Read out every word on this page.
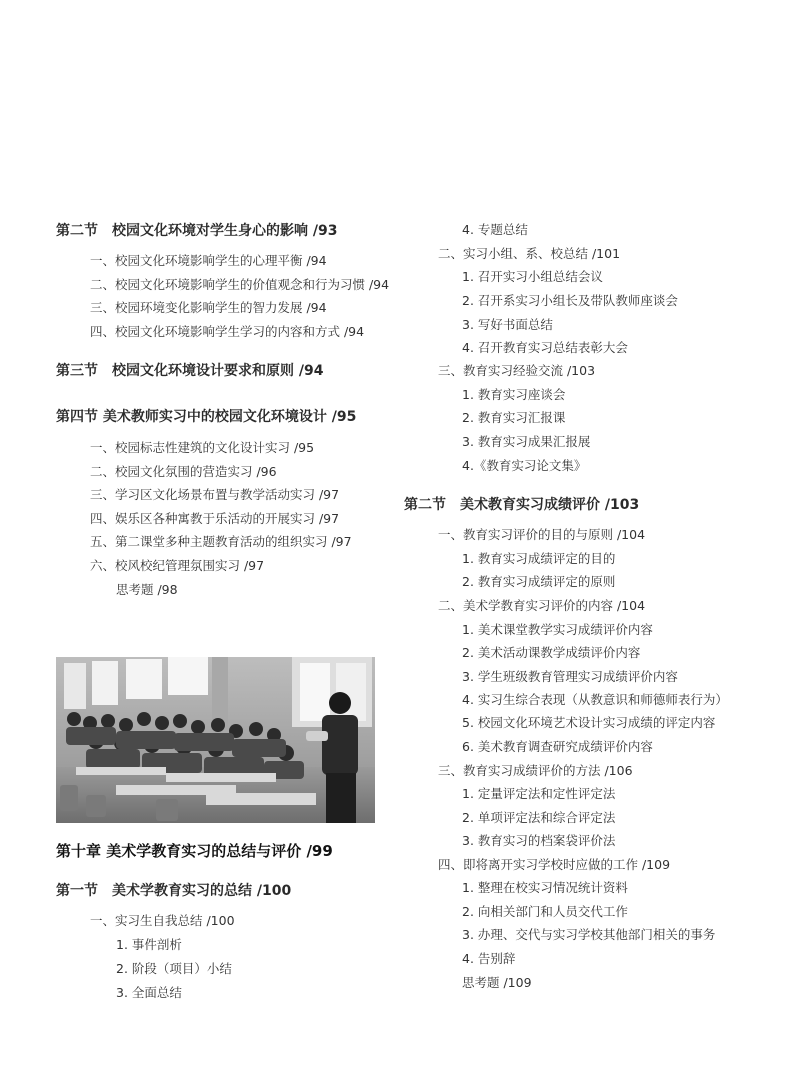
第二节　校园文化环境对学生身心的影响 /93
一、校园文化环境影响学生的心理平衡 /94
二、校园文化环境影响学生的价值观念和行为习惯 /94
三、校园环境变化影响学生的智力发展 /94
四、校园文化环境影响学生学习的内容和方式 /94
第三节　校园文化环境设计要求和原则 /94
第四节 美术教师实习中的校园文化环境设计 /95
一、校园标志性建筑的文化设计实习 /95
二、校园文化氛围的营造实习 /96
三、学习区文化场景布置与教学活动实习 /97
四、娱乐区各种寓教于乐活动的开展实习 /97
五、第二课堂多种主题教育活动的组织实习 /97
六、校风校纪管理氛围实习 /97
思考题 /98
第十章 美术学教育实习的总结与评价 /99
第一节　美术学教育实习的总结 /100
一、实习生自我总结 /100
1. 事件剖析
2. 阶段（项目）小结
3. 全面总结
4. 专题总结
二、实习小组、系、校总结 /101
1. 召开实习小组总结会议
2. 召开系实习小组长及带队教师座谈会
3. 写好书面总结
4. 召开教育实习总结表彰大会
三、教育实习经验交流 /103
1. 教育实习座谈会
2. 教育实习汇报课
3. 教育实习成果汇报展
4.《教育实习论文集》
第二节　美术教育实习成绩评价 /103
一、教育实习评价的目的与原则 /104
1. 教育实习成绩评定的目的
2. 教育实习成绩评定的原则
二、美术学教育实习评价的内容 /104
1. 美术课堂教学实习成绩评价内容
2. 美术活动课教学成绩评价内容
3. 学生班级教育管理实习成绩评价内容
4. 实习生综合表现（从教意识和师德师表行为）
5. 校园文化环境艺术设计实习成绩的评定内容
6. 美术教育调查研究成绩评价内容
三、教育实习成绩评价的方法 /106
1. 定量评定法和定性评定法
2. 单项评定法和综合评定法
3. 教育实习的档案袋评价法
四、即将离开实习学校时应做的工作 /109
1. 整理在校实习情况统计资料
2. 向相关部门和人员交代工作
3. 办理、交代与实习学校其他部门相关的事务
4. 告别辞
思考题 /109
